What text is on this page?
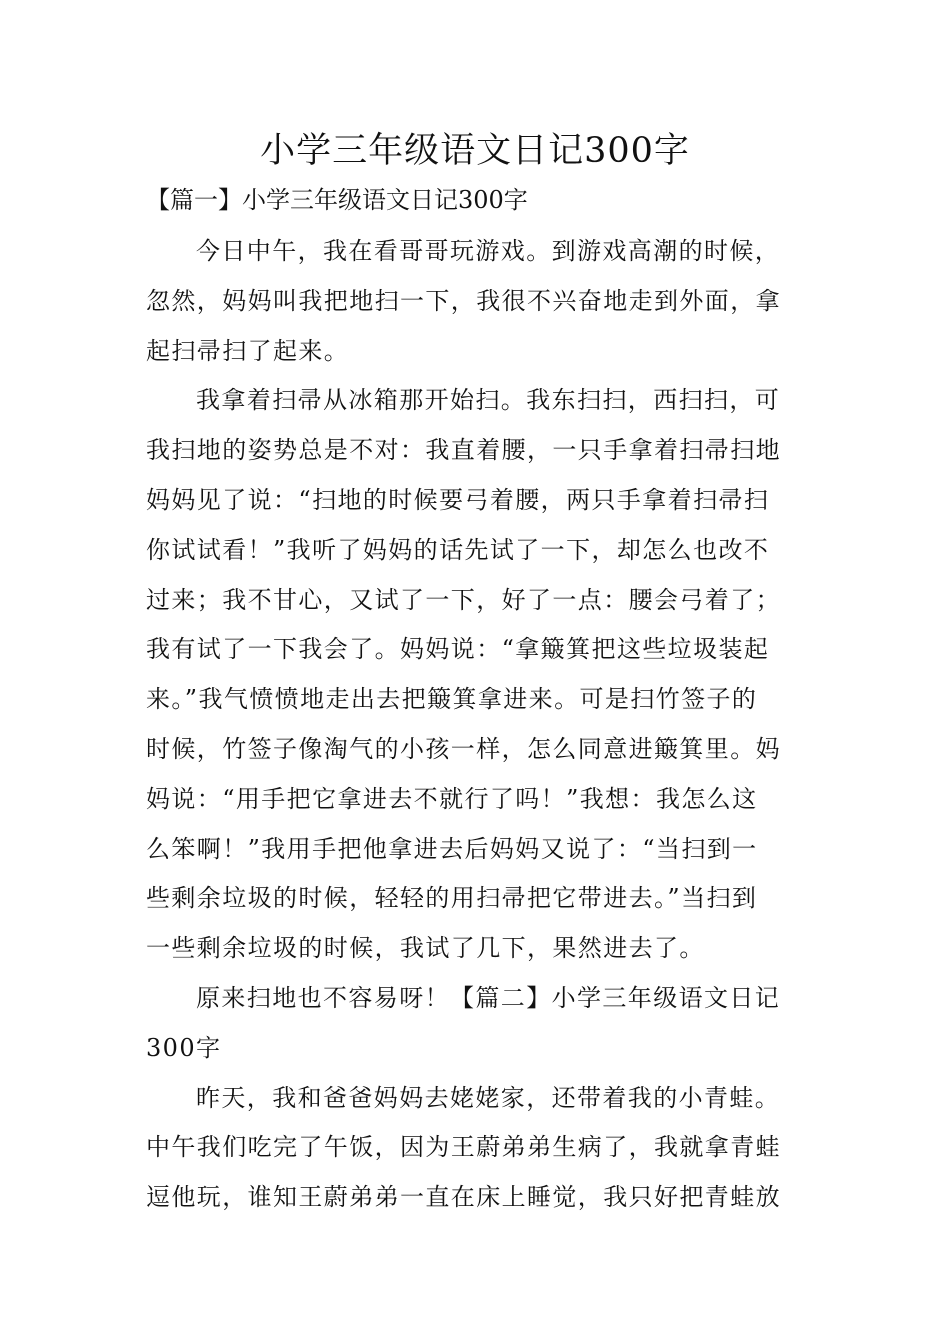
小学三年级语文日记300字

【篇一】小学三年级语文日记300字

今日中午，我在看哥哥玩游戏。到游戏高潮的时候，
忽然，妈妈叫我把地扫一下，我很不兴奋地走到外面，拿
起扫帚扫了起来。
我拿着扫帚从冰箱那开始扫。我东扫扫，西扫扫，可
我扫地的姿势总是不对：我直着腰，一只手拿着扫帚扫地
妈妈见了说：“扫地的时候要弓着腰，两只手拿着扫帚扫
你试试看！”我听了妈妈的话先试了一下，却怎么也改不
过来；我不甘心，又试了一下，好了一点：腰会弓着了；
我有试了一下我会了。妈妈说：“拿簸箕把这些垃圾装起
来。”我气愤愤地走出去把簸箕拿进来。可是扫竹签子的
时候，竹签子像淘气的小孩一样，怎么同意进簸箕里。妈
妈说：“用手把它拿进去不就行了吗！”我想：我怎么这
么笨啊！”我用手把他拿进去后妈妈又说了：“当扫到一
些剩余垃圾的时候，轻轻的用扫帚把它带进去。”当扫到
一些剩余垃圾的时候，我试了几下，果然进去了。
原来扫地也不容易呀！【篇二】小学三年级语文日记
300字
昨天，我和爸爸妈妈去姥姥家，还带着我的小青蛙。
中午我们吃完了午饭，因为王蔚弟弟生病了，我就拿青蛙
逗他玩，谁知王蔚弟弟一直在床上睡觉，我只好把青蛙放
